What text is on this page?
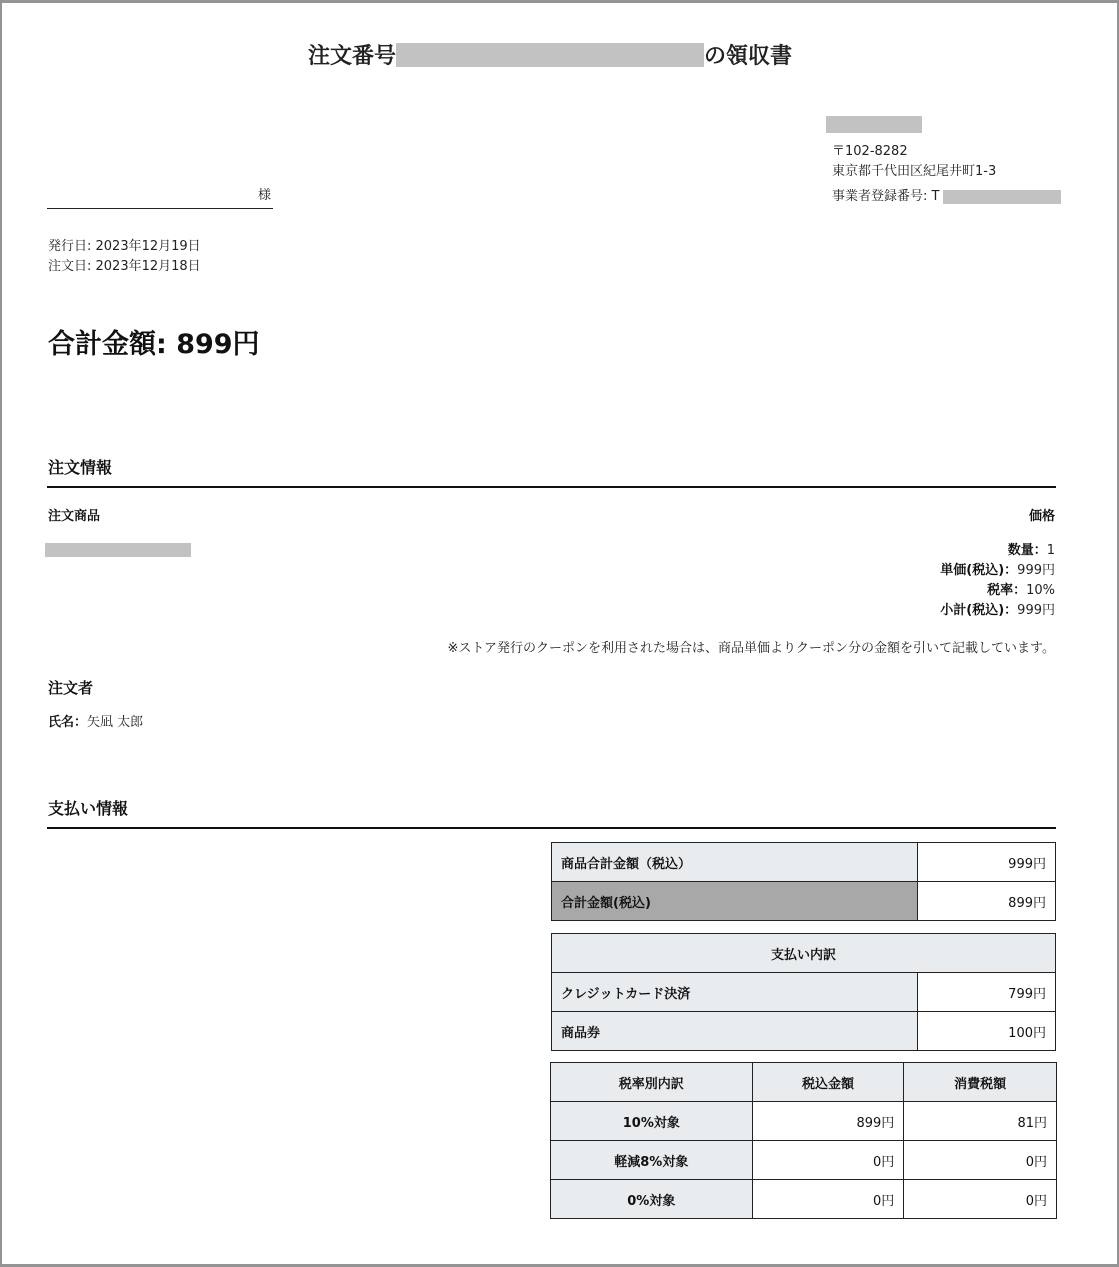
注文番号	の領収書
〒102-8282
東京都千代田区紀尾井町1-3
事業者登録番号: T
様
発行日: 2023年12月19日
注文日: 2023年12月18日
合計金額: 899円
注文情報
注文商品	価格
数量：1
単価(税込)：999円
税率：10%
小計(税込)：999円
※ストア発行のクーポンを利用された場合は、商品単価よりクーポン分の金額を引いて記載しています。
注文者
氏名：矢凪 太郎
支払い情報
商品合計金額（税込）	999円
合計金額(税込)	899円
支払い内訳	
クレジットカード決済	799円
商品券	100円
税率別内訳	税込金額	消費税額
10%対象	899円	81円
軽減8%対象	0円	0円
0%対象	0円	0円
